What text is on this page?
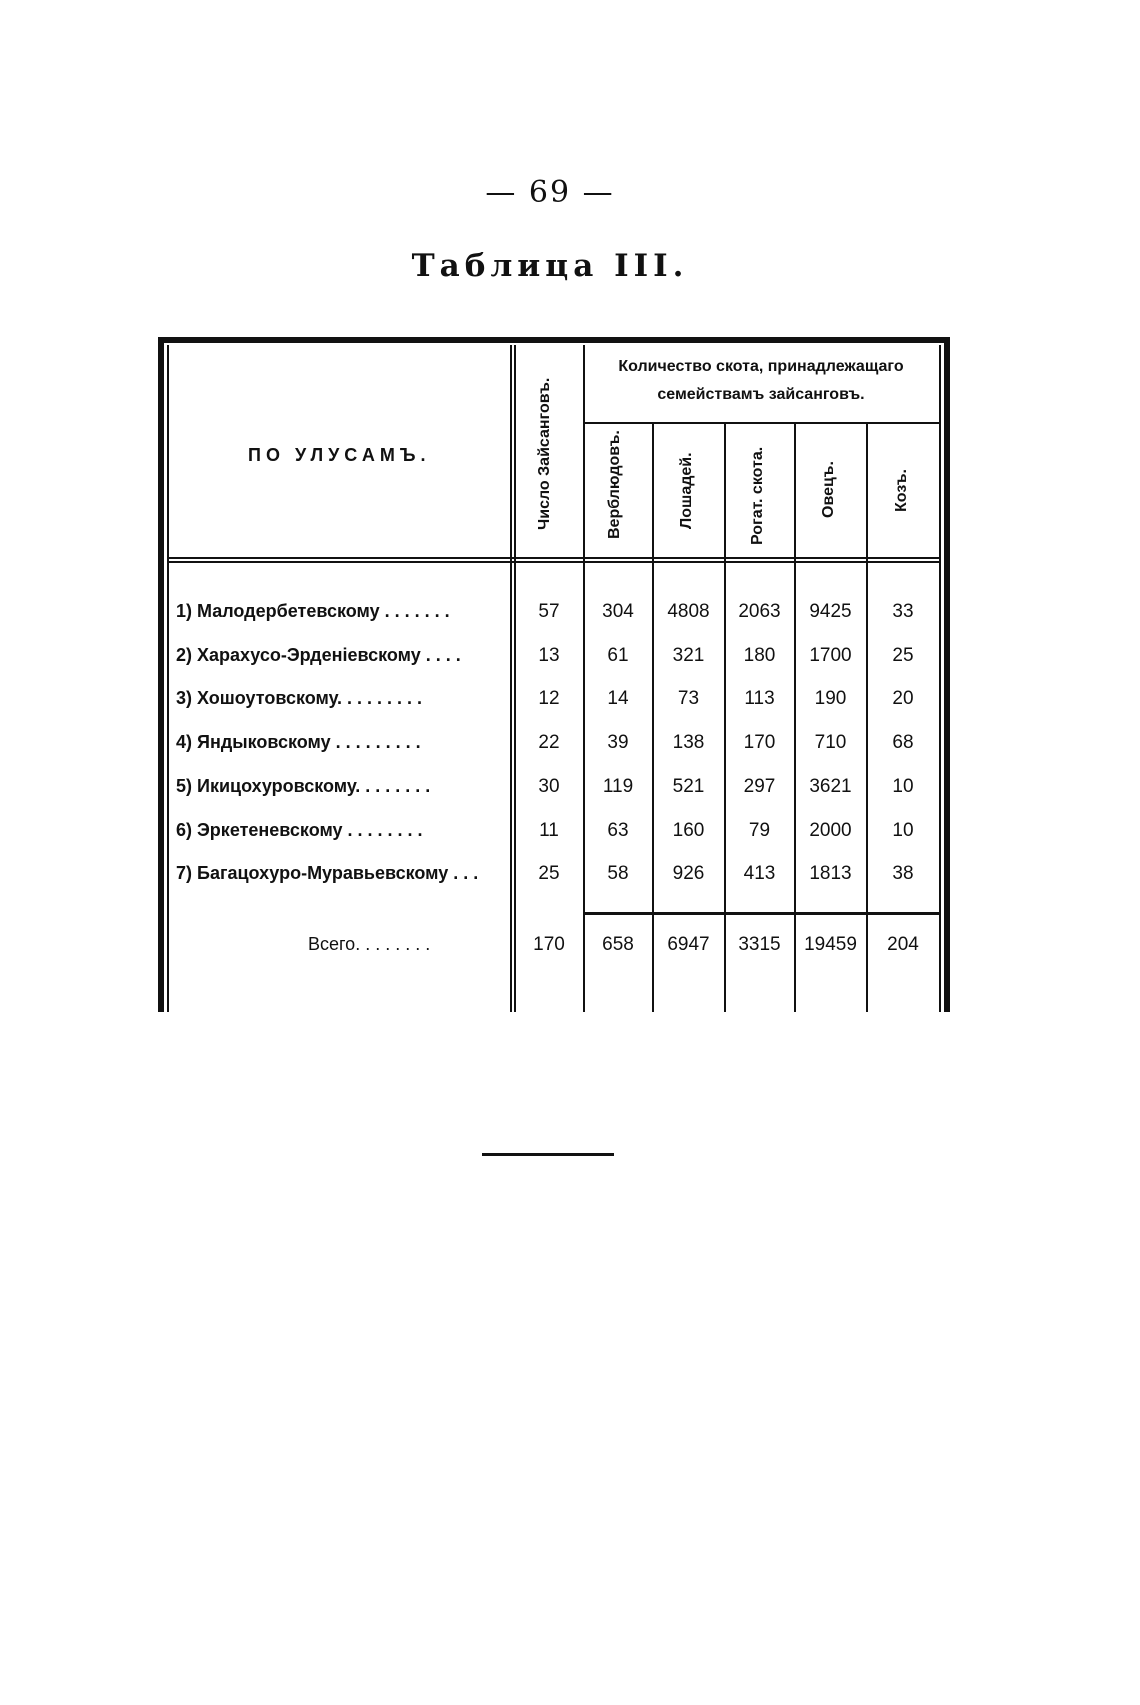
— 69 —
Таблица III.
ПО УЛУСАМЪ.	Число Зайсанговъ.
Количество скота, принадлежащаго семействамъ зайсанговъ.
Верблюдовъ.	Лошадей.	Рогат. скота.	Овецъ.	Козъ.
1) Малодербетевскому . . . . . . .	57	304	4808	2063	9425	33
2) Харахусо-Эрденіевскому . . . .	13	61	321	180	1700	25
3) Хошоутовскому. . . . . . . . .	12	14	73	113	190	20
4) Яндыковскому . . . . . . . . .	22	39	138	170	710	68
5) Икицохуровскому. . . . . . . .	30	119	521	297	3621	10
6) Эркетеневскому . . . . . . . .	11	63	160	79	2000	10
7) Багацохуро-Муравьевскому . . .	25	58	926	413	1813	38
Всего. . . . . . . .	170	658	6947	3315	19459	204
